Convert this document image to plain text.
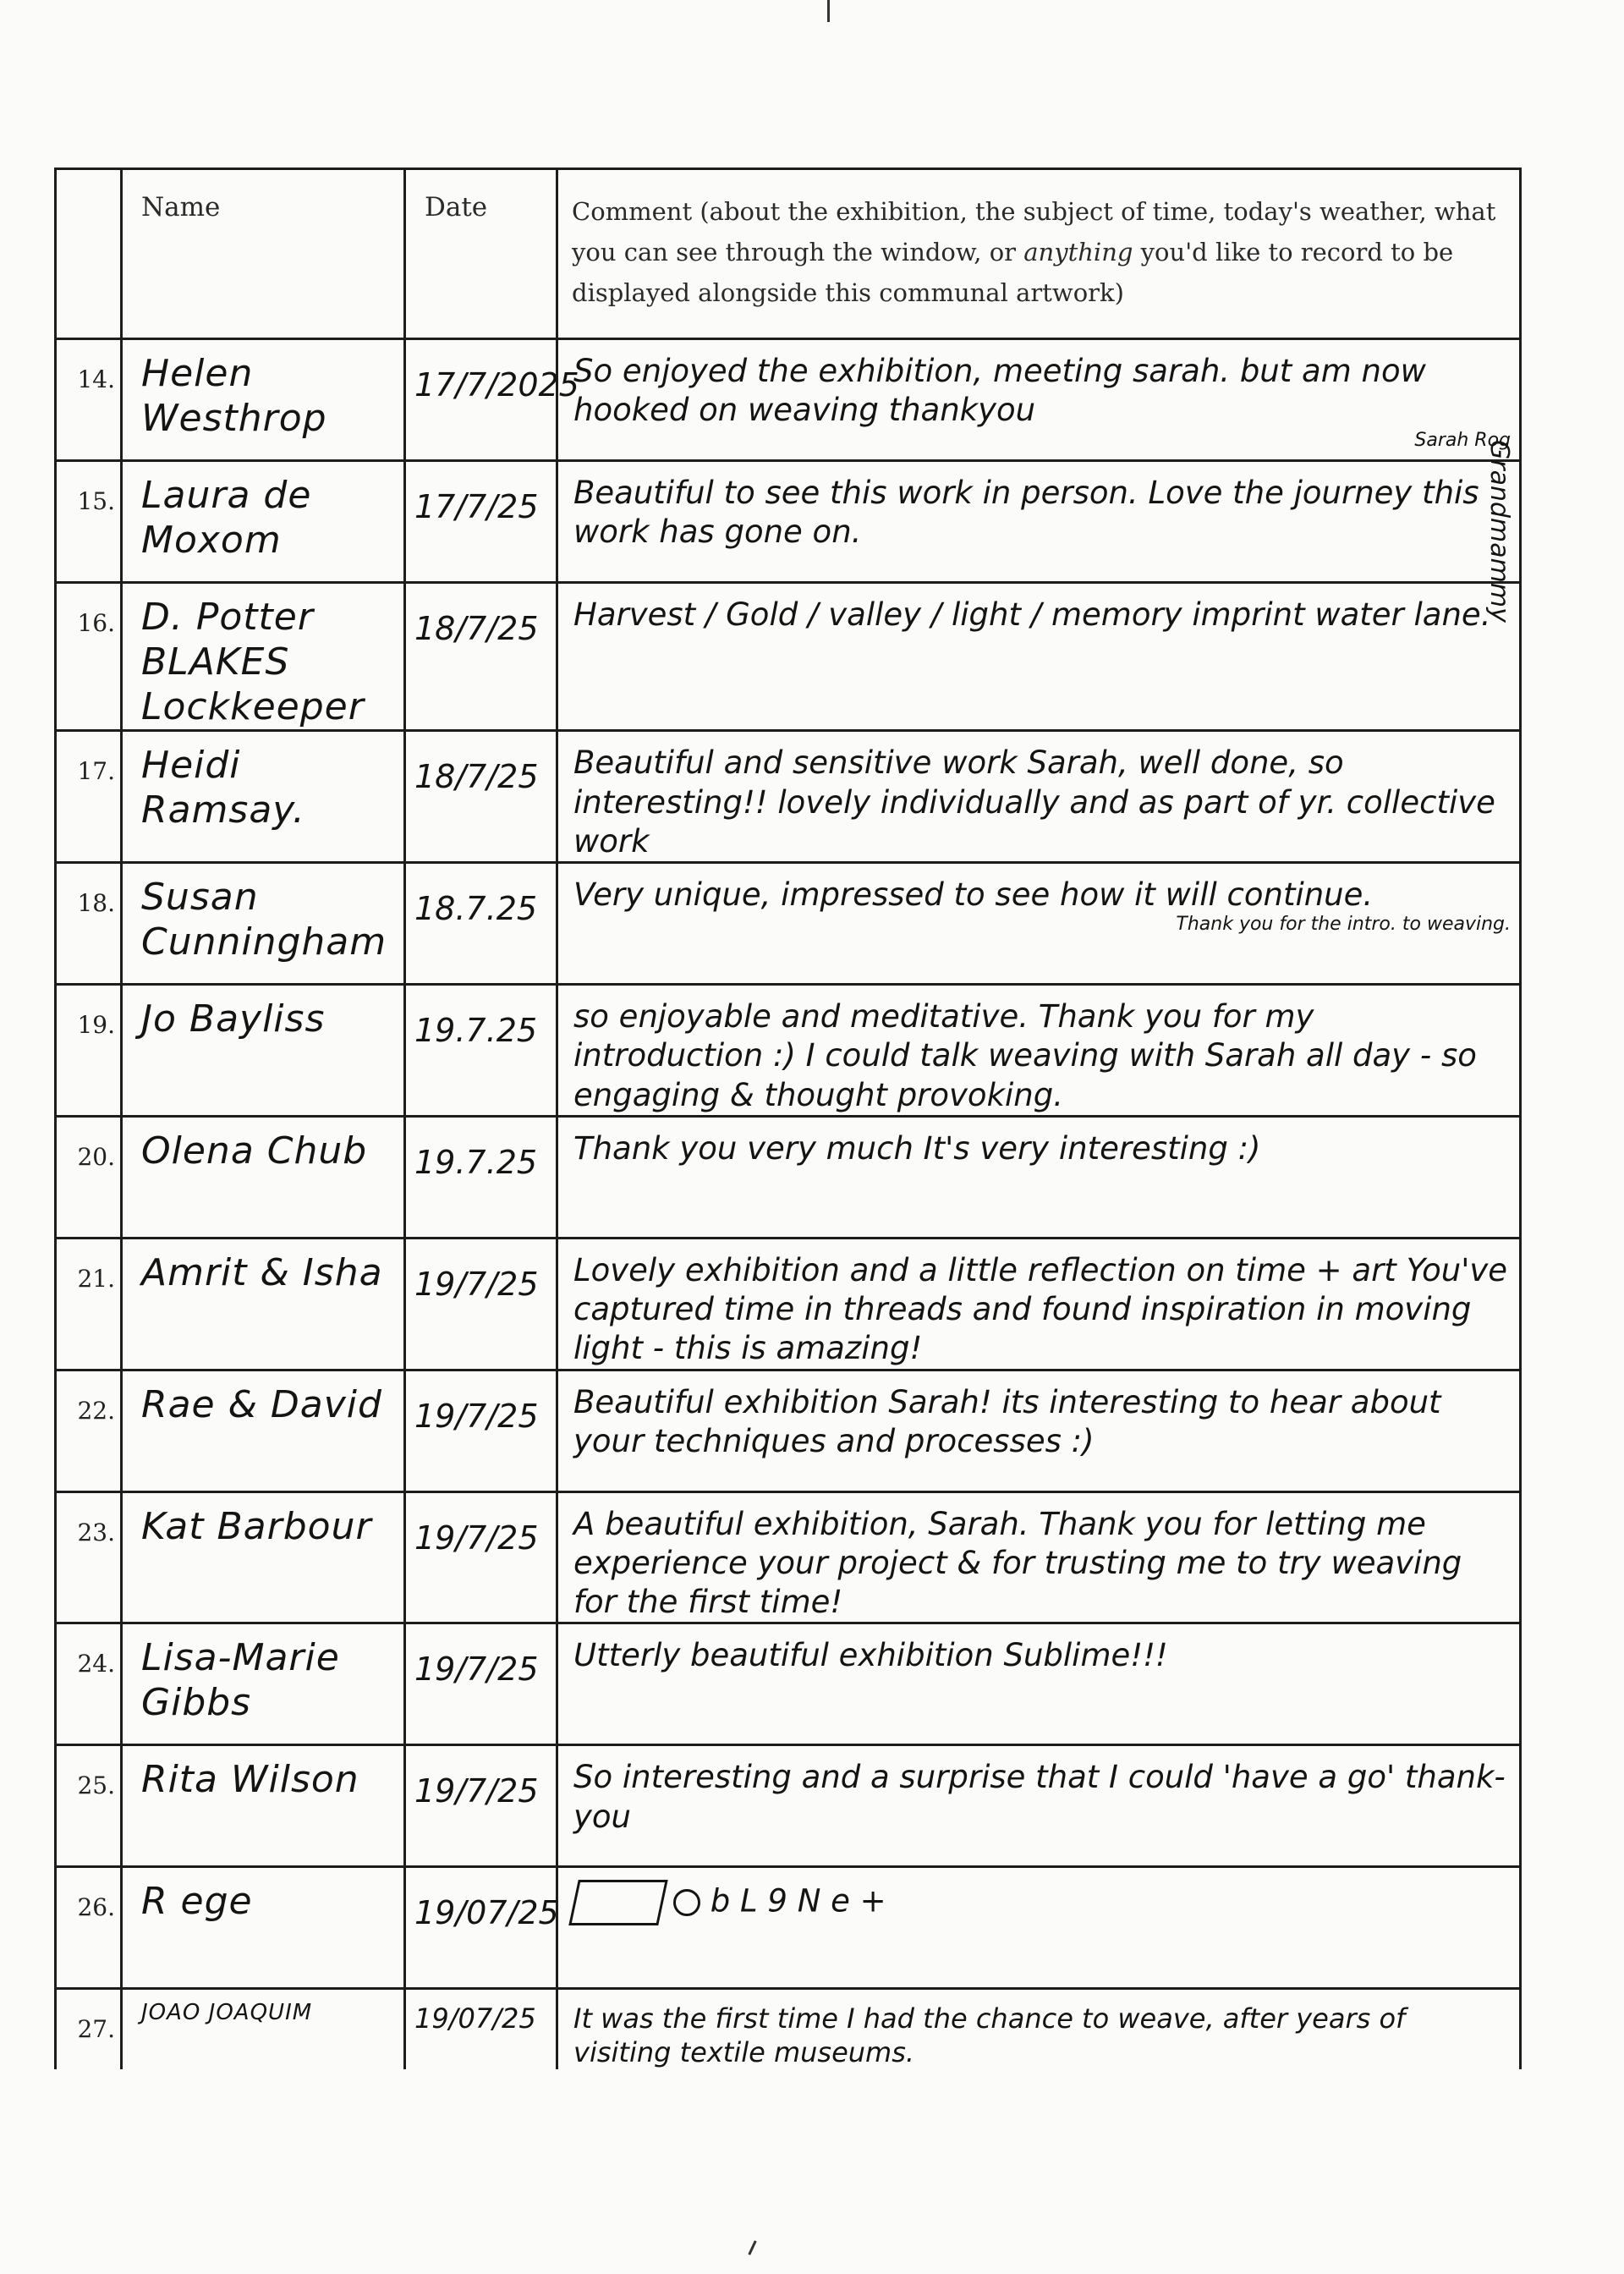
	Name	Date	Comment (about the exhibition, the subject of time, today's weather, what you can see through the window, or anything you'd like to record to be displayed alongside this communal artwork)

14.	Helen Westhrop	17/7/2025	So enjoyed the exhibition, meeting sarah. but am now hooked on weaving thankyou
Sarah Rog

15.	Laura de Moxom	17/7/25	Beautiful to see this work in person. Love the journey this work has gone on.

16.	D. Potter BLAKES Lockkeeper	18/7/25	Harvest / Gold / valley / light / memory imprint water lane.

17.	Heidi Ramsay.	18/7/25	Beautiful and sensitive work Sarah, well done, so interesting!! lovely individually and as part of yr. collective work

18.	Susan Cunningham	18.7.25	Very unique, impressed to see how it will continue.
Thank you for the intro. to weaving.

19.	Jo Bayliss	19.7.25	so enjoyable and meditative. Thank you for my introduction :) I could talk weaving with Sarah all day - so engaging & thought provoking.

20.	Olena Chub	19.7.25	Thank you very much It's very interesting :)

21.	Amrit & Isha	19/7/25	Lovely exhibition and a little reflection on time + art You've captured time in threads and found inspiration in moving light - this is amazing!

22.	Rae & David	19/7/25	Beautiful exhibition Sarah! its interesting to hear about your techniques and processes :)

23.	Kat Barbour	19/7/25	A beautiful exhibition, Sarah. Thank you for letting me experience your project & for trusting me to try weaving for the first time!

24.	Lisa-Marie Gibbs	19/7/25	Utterly beautiful exhibition Sublime!!!

25.	Rita Wilson	19/7/25	So interesting and a surprise that I could 'have a go' thank-you

26.	R ege	19/07/25	b L 9 N e +

27.	JOAO JOAQUIM	19/07/25	It was the first time I had the chance to weave, after years of visiting textile museums.
Grandmammy
